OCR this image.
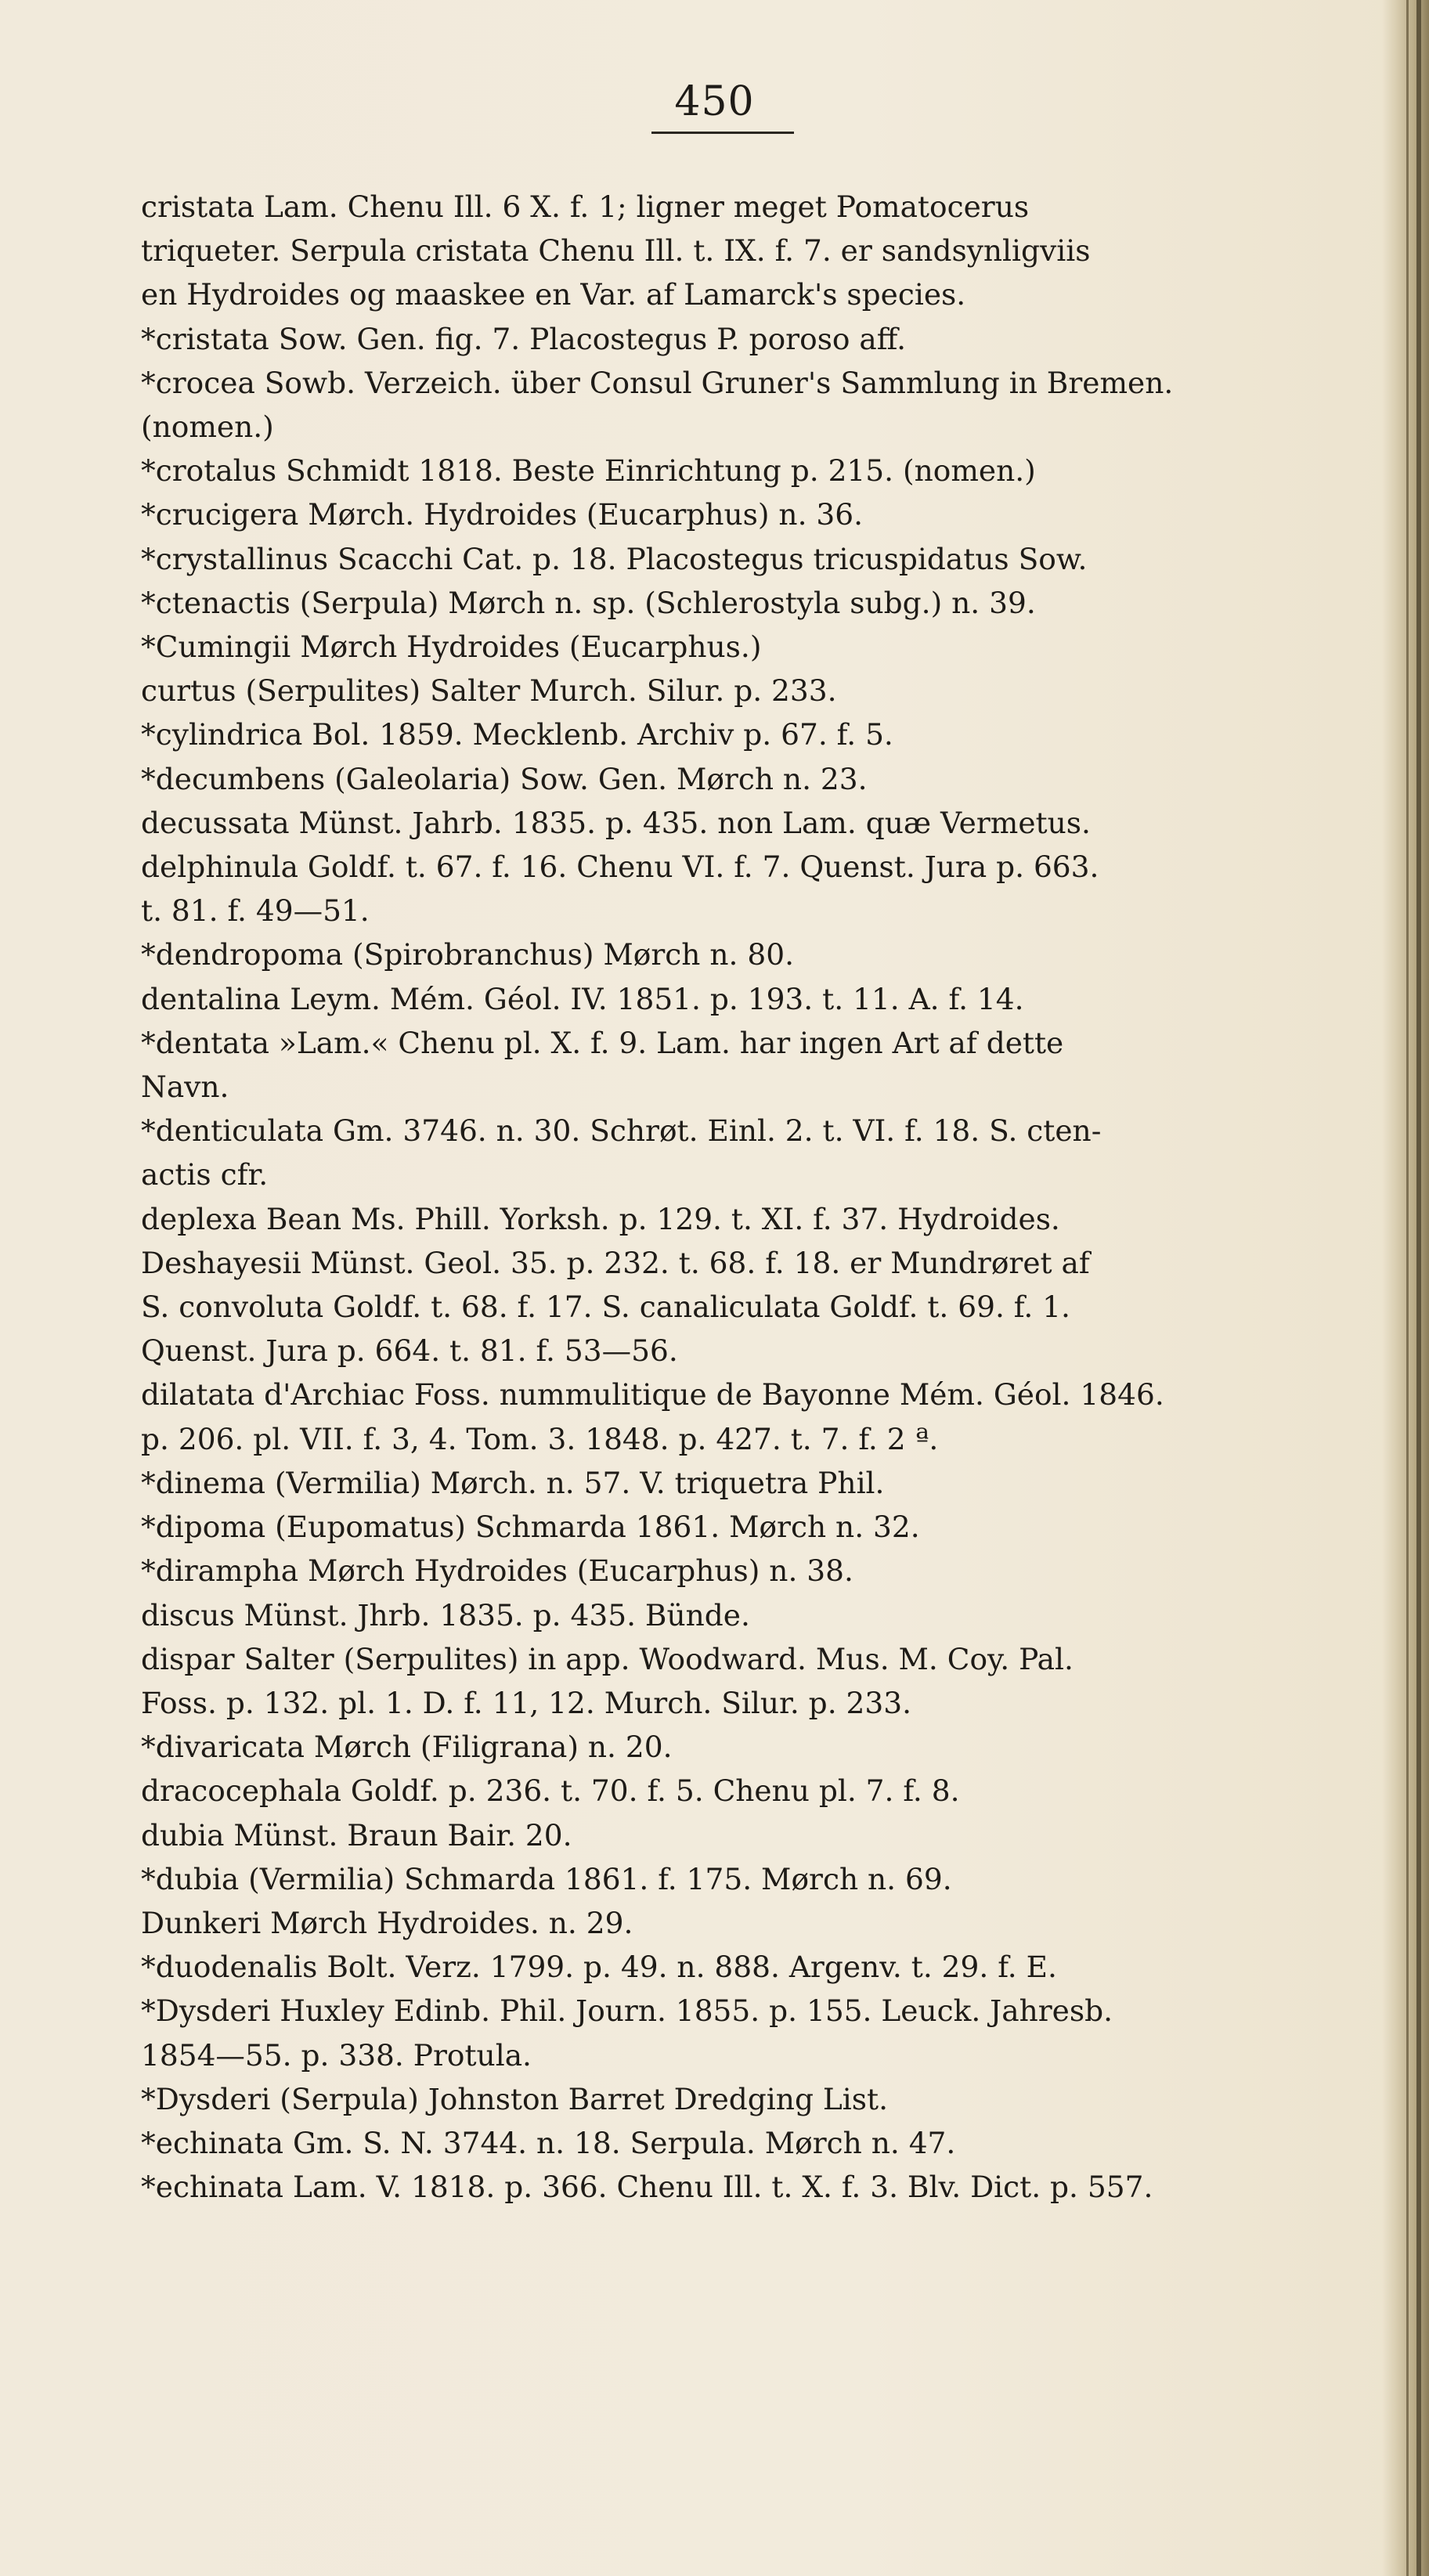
450
cristata Lam. Chenu Ill. 6 X. f. 1; ligner meget Pomatocerus
triqueter. Serpula cristata Chenu Ill. t. IX. f. 7. er sandsynligviis
en Hydroides og maaskee en Var. af Lamarck's species.
*cristata Sow. Gen. fig. 7. Placostegus P. poroso aff.
*crocea Sowb. Verzeich. über Consul Gruner's Sammlung in Bremen.
(nomen.)
*crotalus Schmidt 1818. Beste Einrichtung p. 215. (nomen.)
*crucigera Mørch. Hydroides (Eucarphus) n. 36.
*crystallinus Scacchi Cat. p. 18. Placostegus tricuspidatus Sow.
*ctenactis (Serpula) Mørch n. sp. (Schlerostyla subg.) n. 39.
*Cumingii Mørch Hydroides (Eucarphus.)
curtus (Serpulites) Salter Murch. Silur. p. 233.
*cylindrica Bol. 1859. Mecklenb. Archiv p. 67. f. 5.
*decumbens (Galeolaria) Sow. Gen. Mørch n. 23.
decussata Münst. Jahrb. 1835. p. 435. non Lam. quæ Vermetus.
delphinula Goldf. t. 67. f. 16. Chenu VI. f. 7. Quenst. Jura p. 663.
t. 81. f. 49—51.
*dendropoma (Spirobranchus) Mørch n. 80.
dentalina Leym. Mém. Géol. IV. 1851. p. 193. t. 11. A. f. 14.
*dentata »Lam.« Chenu pl. X. f. 9. Lam. har ingen Art af dette
Navn.
*denticulata Gm. 3746. n. 30. Schrøt. Einl. 2. t. VI. f. 18. S. cten-
actis cfr.
deplexa Bean Ms. Phill. Yorksh. p. 129. t. XI. f. 37. Hydroides.
Deshayesii Münst. Geol. 35. p. 232. t. 68. f. 18. er Mundrøret af
S. convoluta Goldf. t. 68. f. 17. S. canaliculata Goldf. t. 69. f. 1.
Quenst. Jura p. 664. t. 81. f. 53—56.
dilatata d'Archiac Foss. nummulitique de Bayonne Mém. Géol. 1846.
p. 206. pl. VII. f. 3, 4. Tom. 3. 1848. p. 427. t. 7. f. 2 ª.
*dinema (Vermilia) Mørch. n. 57. V. triquetra Phil.
*dipoma (Eupomatus) Schmarda 1861. Mørch n. 32.
*dirampha Mørch Hydroides (Eucarphus) n. 38.
discus Münst. Jhrb. 1835. p. 435. Bünde.
dispar Salter (Serpulites) in app. Woodward. Mus. M. Coy. Pal.
Foss. p. 132. pl. 1. D. f. 11, 12. Murch. Silur. p. 233.
*divaricata Mørch (Filigrana) n. 20.
dracocephala Goldf. p. 236. t. 70. f. 5. Chenu pl. 7. f. 8.
dubia Münst. Braun Bair. 20.
*dubia (Vermilia) Schmarda 1861. f. 175. Mørch n. 69.
Dunkeri Mørch Hydroides. n. 29.
*duodenalis Bolt. Verz. 1799. p. 49. n. 888. Argenv. t. 29. f. E.
*Dysderi Huxley Edinb. Phil. Journ. 1855. p. 155. Leuck. Jahresb.
1854—55. p. 338. Protula.
*Dysderi (Serpula) Johnston Barret Dredging List.
*echinata Gm. S. N. 3744. n. 18. Serpula. Mørch n. 47.
*echinata Lam. V. 1818. p. 366. Chenu Ill. t. X. f. 3. Blv. Dict. p. 557.
